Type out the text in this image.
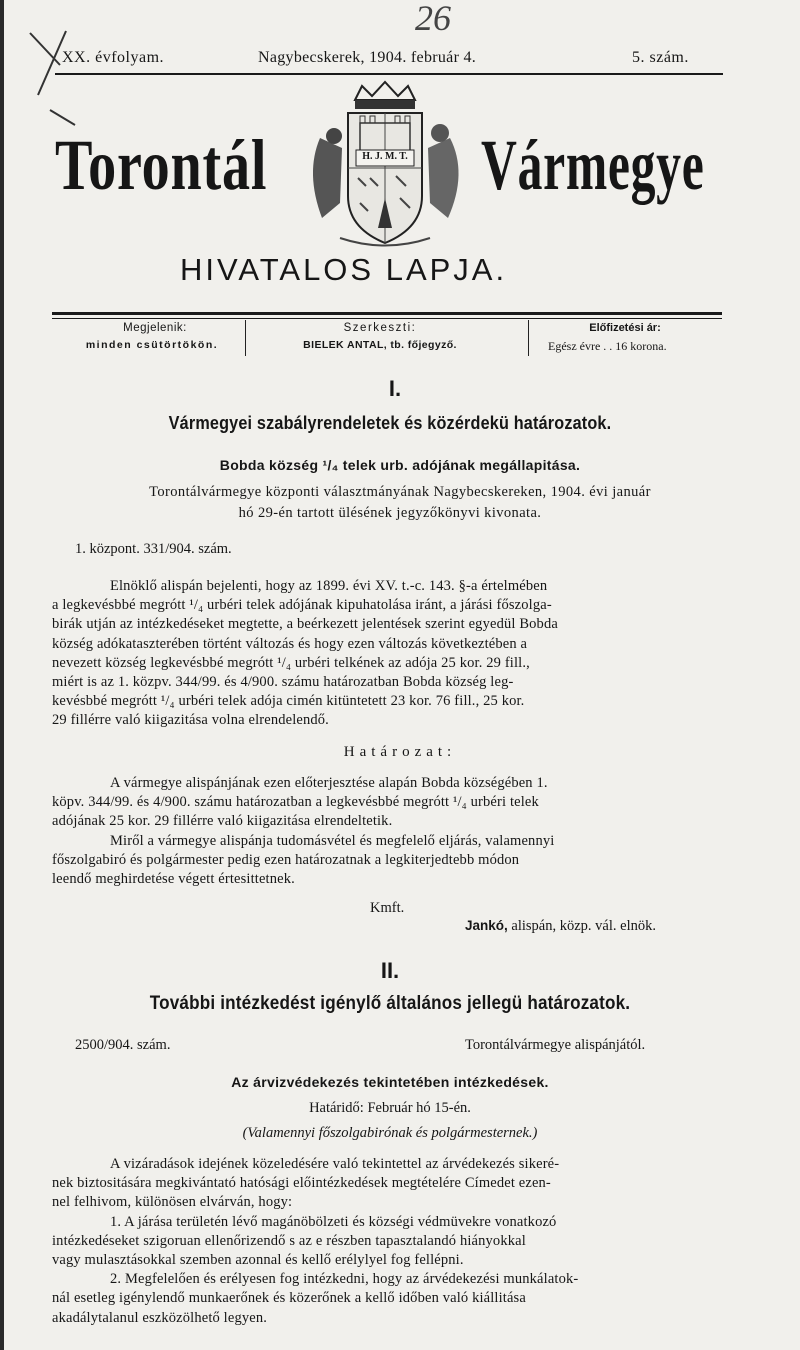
26
XX. évfolyam.	Nagybecskerek, 1904. február 4.	5. szám.
Torontál	Vármegye
H. J. M. T.
HIVATALOS LAPJA.
Megjelenik:
minden csütörtökön.
Szerkeszti:
BIELEK ANTAL, tb. főjegyző.
Előfizetési ár:
Egész évre . . 16 korona.
I.
Vármegyei szabályrendeletek és közérdekü határozatok.
Bobda község ¹/₄ telek urb. adójának megállapitása.
Torontálvármegye központi választmányának Nagybecskereken, 1904. évi január
hó 29-én tartott ülésének jegyzőkönyvi kivonata.
1. központ. 331/904. szám.

Elnöklő alispán bejelenti, hogy az 1899. évi XV. t.-c. 143. §-a értelmében

a legkevésbbé megrótt ¹/₄ urbéri telek adójának kipuhatolása iránt, a járási főszolga-

birák utján az intézkedéseket megtette, a beérkezett jelentések szerint egyedül Bobda

község adókataszterében történt változás és hogy ezen változás következtében a

nevezett község legkevésbbé megrótt ¹/₄ urbéri telkének az adója 25 kor. 29 fill.,

miért is az 1. közpv. 344/99. és 4/900. számu határozatban Bobda község leg-

kevésbbé megrótt ¹/₄ urbéri telek adója cimén kitüntetett 23 kor. 76 fill., 25 kor.

29 fillérre való kiigazitása volna elrendelendő.

Határozat:

A vármegye alispánjának ezen előterjesztése alapán Bobda községében 1.

köpv. 344/99. és 4/900. számu határozatban a legkevésbbé megrótt ¹/₄ urbéri telek

adójának 25 kor. 29 fillérre való kiigazitása elrendeltetik.

Miről a vármegye alispánja tudomásvétel és megfelelő eljárás, valamennyi

főszolgabiró és polgármester pedig ezen határozatnak a legkiterjedtebb módon

leendő meghirdetése végett értesittetnek.

Kmft.
Jankó, alispán, közp. vál. elnök.
II.
További intézkedést igénylő általános jellegü határozatok.
2500/904. szám.	Torontálvármegye alispánjától.
Az árvizvédekezés tekintetében intézkedések.
Határidő: Február hó 15-én.
(Valamennyi főszolgabirónak és polgármesternek.)

A vizáradások idejének közeledésére való tekintettel az árvédekezés sikeré-

nek biztositására megkivántató hatósági előintézkedések megtételére Címedet ezen-

nel felhivom, különösen elvárván, hogy:

1. A járása területén lévő magánöbölzeti és községi védmüvekre vonatkozó

intézkedéseket szigoruan ellenőrizendő s az e részben tapasztalandó hiányokkal

vagy mulasztásokkal szemben azonnal és kellő erélylyel fog fellépni.

2. Megfelelően és erélyesen fog intézkedni, hogy az árvédekezési munkálatok-

nál esetleg igénylendő munkaerőnek és közerőnek a kellő időben való kiállitása

akadálytalanul eszközölhető legyen.
